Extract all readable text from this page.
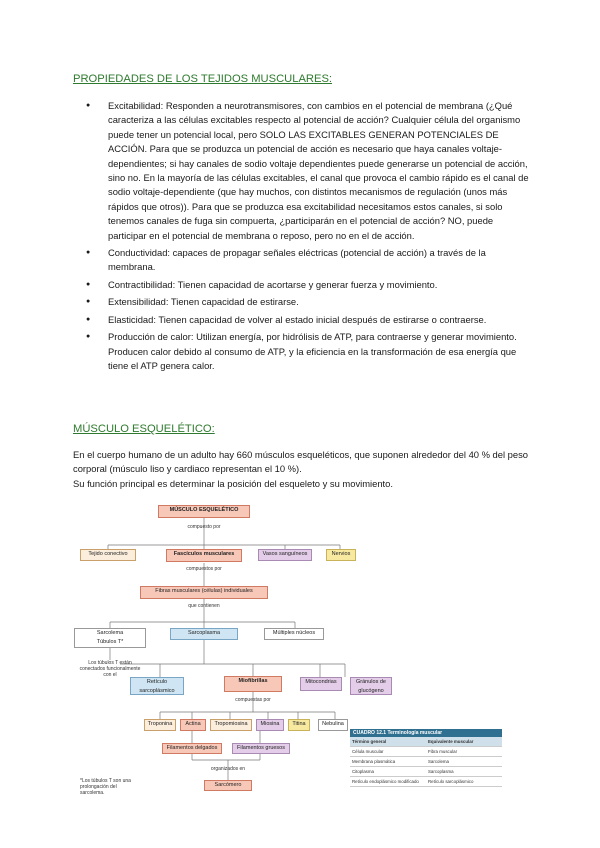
PROPIEDADES DE LOS TEJIDOS MUSCULARES:
● Excitabilidad: Responden a neurotransmisores, con cambios en el potencial de membrana (¿Qué caracteriza a las células excitables respecto al potencial de acción? Cualquier célula del organismo puede tener un potencial local, pero SOLO LAS EXCITABLES GENERAN POTENCIALES DE ACCIÓN. Para que se produzca un potencial de acción es necesario que haya canales voltaje-dependientes; si hay canales de sodio voltaje dependientes puede generarse un potencial de acción, sino no. En la mayoría de las células excitables, el canal que provoca el cambio rápido es el canal de sodio voltaje-dependiente (que hay muchos, con distintos mecanismos de regulación (unos más rápidos que otros)). Para que se produzca esa excitabilidad necesitamos estos canales, si solo tenemos canales de fuga sin compuerta, ¿participarán en el potencial de acción? NO, puede participar en el potencial de membrana o reposo, pero no en el de acción.
● Conductividad: capaces de propagar señales eléctricas (potencial de acción) a través de la membrana.
● Contractibilidad: Tienen capacidad de acortarse y generar fuerza y movimiento.
● Extensibilidad: Tienen capacidad de estirarse.
● Elasticidad: Tienen capacidad de volver al estado inicial después de estirarse o contraerse.
● Producción de calor: Utilizan energía, por hidrólisis de ATP, para contraerse y generar movimiento. Producen calor debido al consumo de ATP, y la eficiencia en la transformación de esa energía que tiene el ATP genera calor.
MÚSCULO ESQUELÉTICO:

En el cuerpo humano de un adulto hay 660 músculos esqueléticos, que suponen alrededor del 40 % del peso corporal (músculo liso y cardiaco representan el 10 %).

Su función principal es determinar la posición del esqueleto y su movimiento.

MÚSCULO ESQUELÉTICO
compuesto por
Tejido conectivo	Fascículos musculares	Vasos sanguíneos	Nervios
compuestos por
Fibras musculares (células) individuales
que contienen
Sarcolema
Túbulos T*
Sarcoplasma	Múltiples núcleos
Los túbulos T están conectados funcionalmente con el
Retículo sarcoplásmico
Miofibrillas	Mitocondrias	Gránulos de glucógeno
compuestas por
Troponina	Actina	Tropomiosina	Miosina	Titina	Nebulina
Filamentos delgados	Filamentos gruesos
organizados en
Sarcómero
*Los túbulos T son una prolongación del sarcolema.
CUADRO 12.1 Terminología muscular
Término general	Equivalente muscular
Célula muscular	Fibra muscular
Membrana plasmática	Sarcolema
Citoplasma	Sarcoplasma
Retículo endoplásmico modificado	Retículo sarcoplásmico
